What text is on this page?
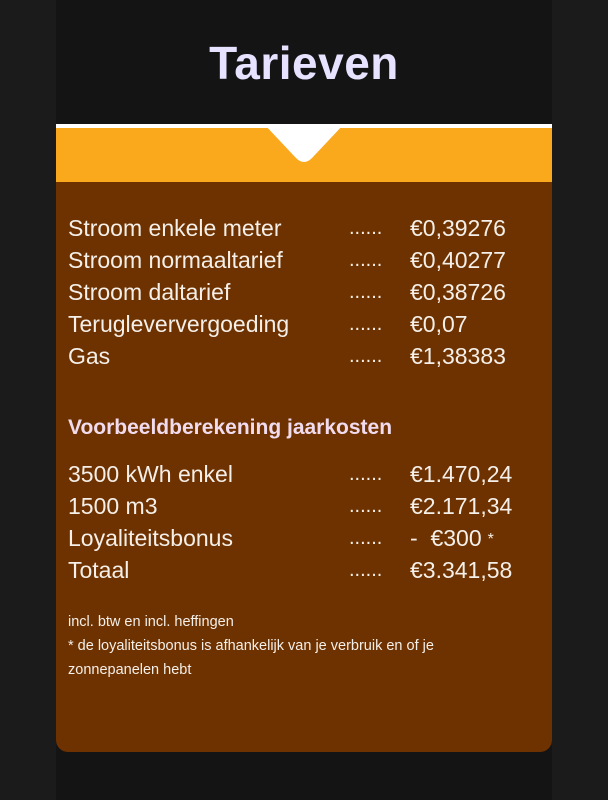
Tarieven
Stroom enkele meter	...... €0,39276
Stroom normaaltarief	...... €0,40277
Stroom daltarief	...... €0,38726
Terugleververgoeding	...... €0,07
Gas	...... €1,38383
Voorbeeldberekening jaarkosten
3500 kWh enkel	...... €1.470,24
1500 m3	...... €2.171,34
Loyaliteitsbonus	...... -  €300 *
Totaal	...... €3.341,58
incl. btw en incl. heffingen
* de loyaliteitsbonus is afhankelijk van je verbruik en of je zonnepanelen hebt
